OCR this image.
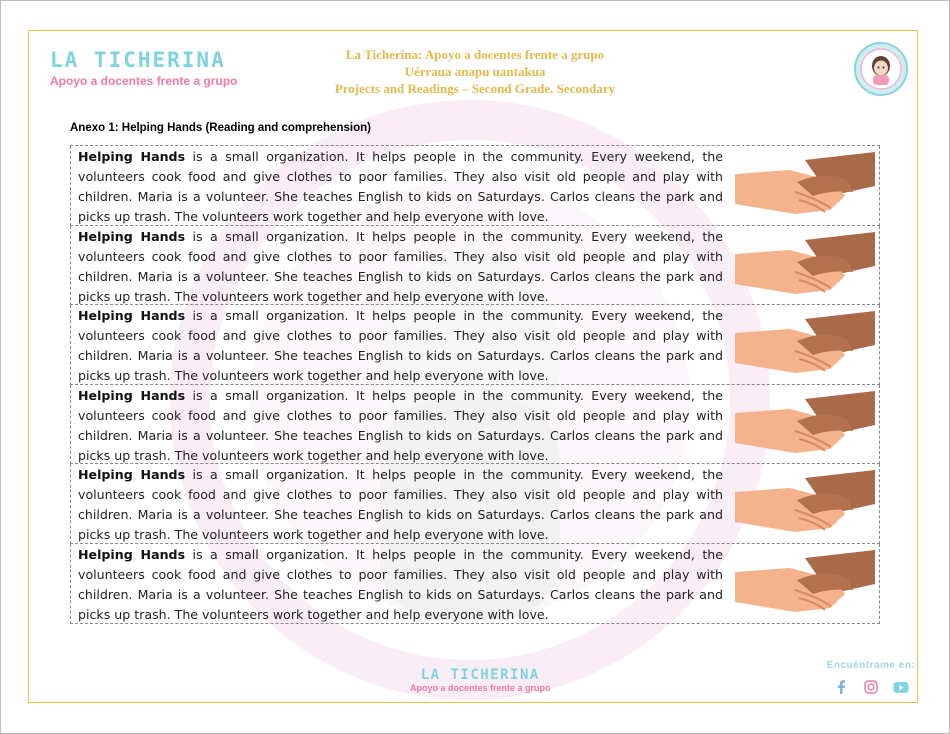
LA TICHERINA
Apoyo a docentes frente a grupo
La Ticherina: Apoyo a docentes frente a grupo
Uérraua anapu uantakua
Projects and Readings – Second Grade. Secondary
Anexo 1: Helping Hands (Reading and comprehension)

Helping Hands is a small organization. It helps people in the community. Every weekend, the volunteers cook food and give clothes to poor families. They also visit old people and play with children. Maria is a volunteer. She teaches English to kids on Saturdays. Carlos cleans the park and picks up trash. The volunteers work together and help everyone with love.

Helping Hands is a small organization. It helps people in the community. Every weekend, the volunteers cook food and give clothes to poor families. They also visit old people and play with children. Maria is a volunteer. She teaches English to kids on Saturdays. Carlos cleans the park and picks up trash. The volunteers work together and help everyone with love.

Helping Hands is a small organization. It helps people in the community. Every weekend, the volunteers cook food and give clothes to poor families. They also visit old people and play with children. Maria is a volunteer. She teaches English to kids on Saturdays. Carlos cleans the park and picks up trash. The volunteers work together and help everyone with love.

Helping Hands is a small organization. It helps people in the community. Every weekend, the volunteers cook food and give clothes to poor families. They also visit old people and play with children. Maria is a volunteer. She teaches English to kids on Saturdays. Carlos cleans the park and picks up trash. The volunteers work together and help everyone with love.

Helping Hands is a small organization. It helps people in the community. Every weekend, the volunteers cook food and give clothes to poor families. They also visit old people and play with children. Maria is a volunteer. She teaches English to kids on Saturdays. Carlos cleans the park and picks up trash. The volunteers work together and help everyone with love.

Helping Hands is a small organization. It helps people in the community. Every weekend, the volunteers cook food and give clothes to poor families. They also visit old people and play with children. Maria is a volunteer. She teaches English to kids on Saturdays. Carlos cleans the park and picks up trash. The volunteers work together and help everyone with love.

LA TICHERINA
Apoyo a docentes frente a grupo
Encuéntrame en:
